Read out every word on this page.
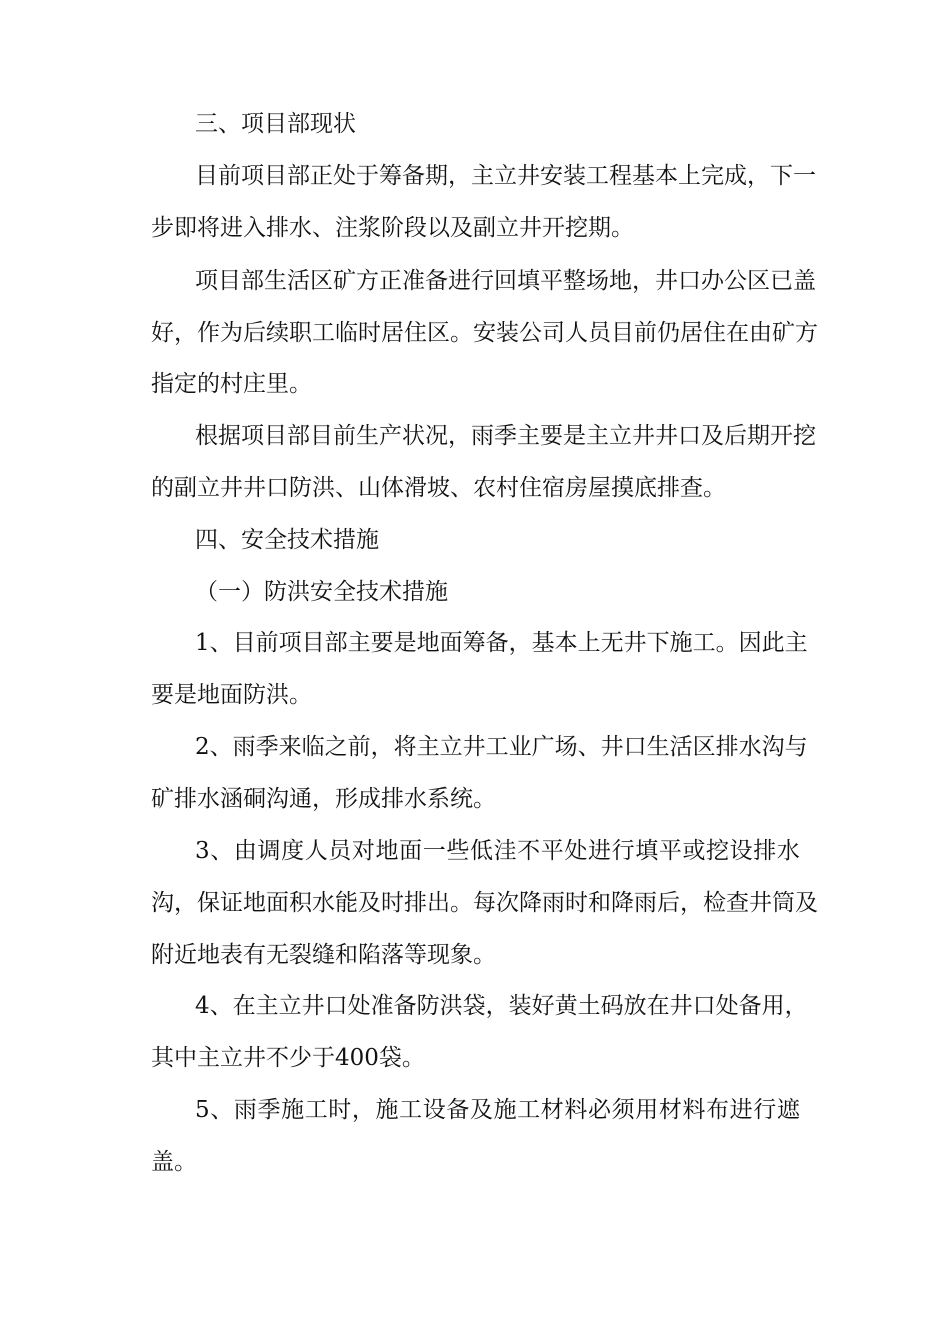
三、项目部现状
目 前 项 目 部 正 处 于 筹 备 期 ， 主 立 井 安 装 工 程 基 本 上 完 成 ， 下 一
步即将进入排水、注浆阶段以及副立井开挖期。
项 目 部 生 活 区 矿 方 正 准 备 进 行 回 填 平 整 场 地 ， 井 口 办 公 区 已 盖
好 ， 作 为 后 续 职 工 临 时 居 住 区 。 安 装 公 司 人 员 目 前 仍 居 住 在 由 矿 方
指定的村庄里。
根 据 项 目 部 目 前 生 产 状 况 ， 雨 季 主 要 是 主 立 井 井 口 及 后 期 开 挖
的副立井井口防洪、山体滑坡、农村住宿房屋摸底排查。
四、安全技术措施
（一）防洪安全技术措施
1 、 目 前 项 目 部 主 要 是 地 面 筹 备 ， 基 本 上 无 井 下 施 工 。 因 此 主
要是地面防洪。
2 、 雨 季 来 临 之 前 ， 将 主 立 井 工 业 广 场 、 井 口 生 活 区 排 水 沟 与
矿排水涵硐沟通，形成排水系统。
3 、 由 调 度 人 员 对 地 面 一 些 低 洼 不 平 处 进 行 填 平 或 挖 设 排 水
沟 ， 保 证 地 面 积 水 能 及 时 排 出 。 每 次 降 雨 时 和 降 雨 后 ， 检 查 井 筒 及
附近地表有无裂缝和陷落等现象。
4 、 在 主 立 井 口 处 准 备 防 洪 袋 ， 装 好 黄 土 码 放 在 井 口 处 备 用 ，
其中主立井不少于400袋。
5 、 雨 季 施 工 时 ， 施 工 设 备 及 施 工 材 料 必 须 用 材 料 布 进 行 遮
盖。
